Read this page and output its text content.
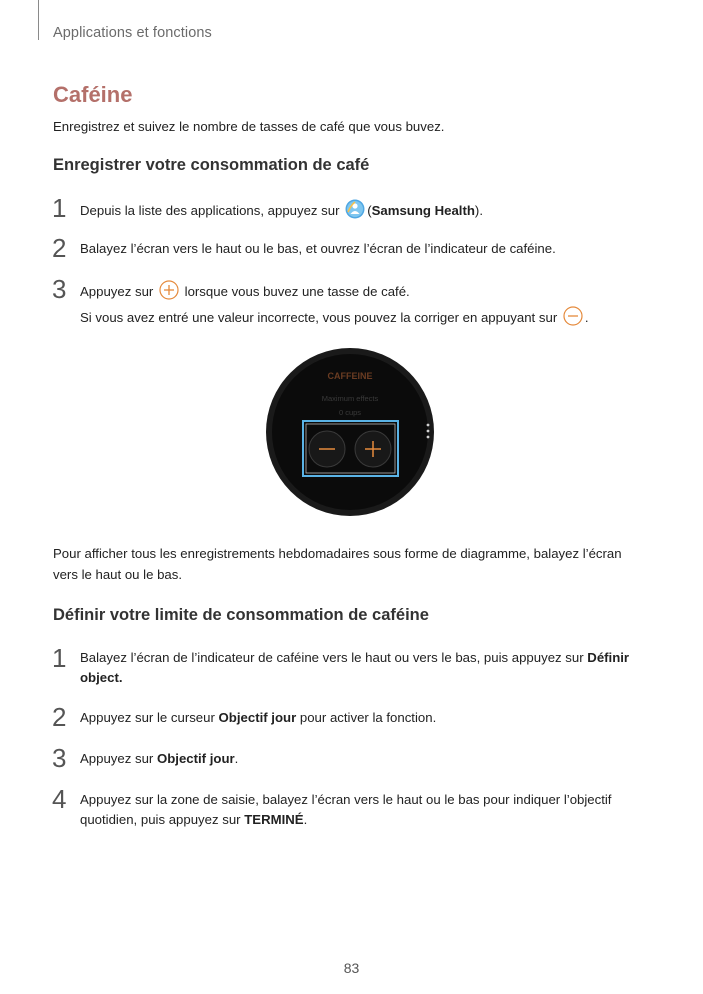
Applications et fonctions
Caféine
Enregistrez et suivez le nombre de tasses de café que vous buvez.
Enregistrer votre consommation de café
1 Depuis la liste des applications, appuyez sur (Samsung Health).
2 Balayez l’écran vers le haut ou le bas, et ouvrez l’écran de l’indicateur de caféine.
3 Appuyez sur lorsque vous buvez une tasse de café.
Si vous avez entré une valeur incorrecte, vous pouvez la corriger en appuyant sur .
CAFFEINE
Maximum effects
0 cups
Pour afficher tous les enregistrements hebdomadaires sous forme de diagramme, balayez l’écran vers le haut ou le bas.
Définir votre limite de consommation de caféine
1 Balayez l’écran de l’indicateur de caféine vers le haut ou vers le bas, puis appuyez sur Définir object.
2 Appuyez sur le curseur Objectif jour pour activer la fonction.
3 Appuyez sur Objectif jour.
4 Appuyez sur la zone de saisie, balayez l’écran vers le haut ou le bas pour indiquer l’objectif quotidien, puis appuyez sur TERMINÉ.
83
